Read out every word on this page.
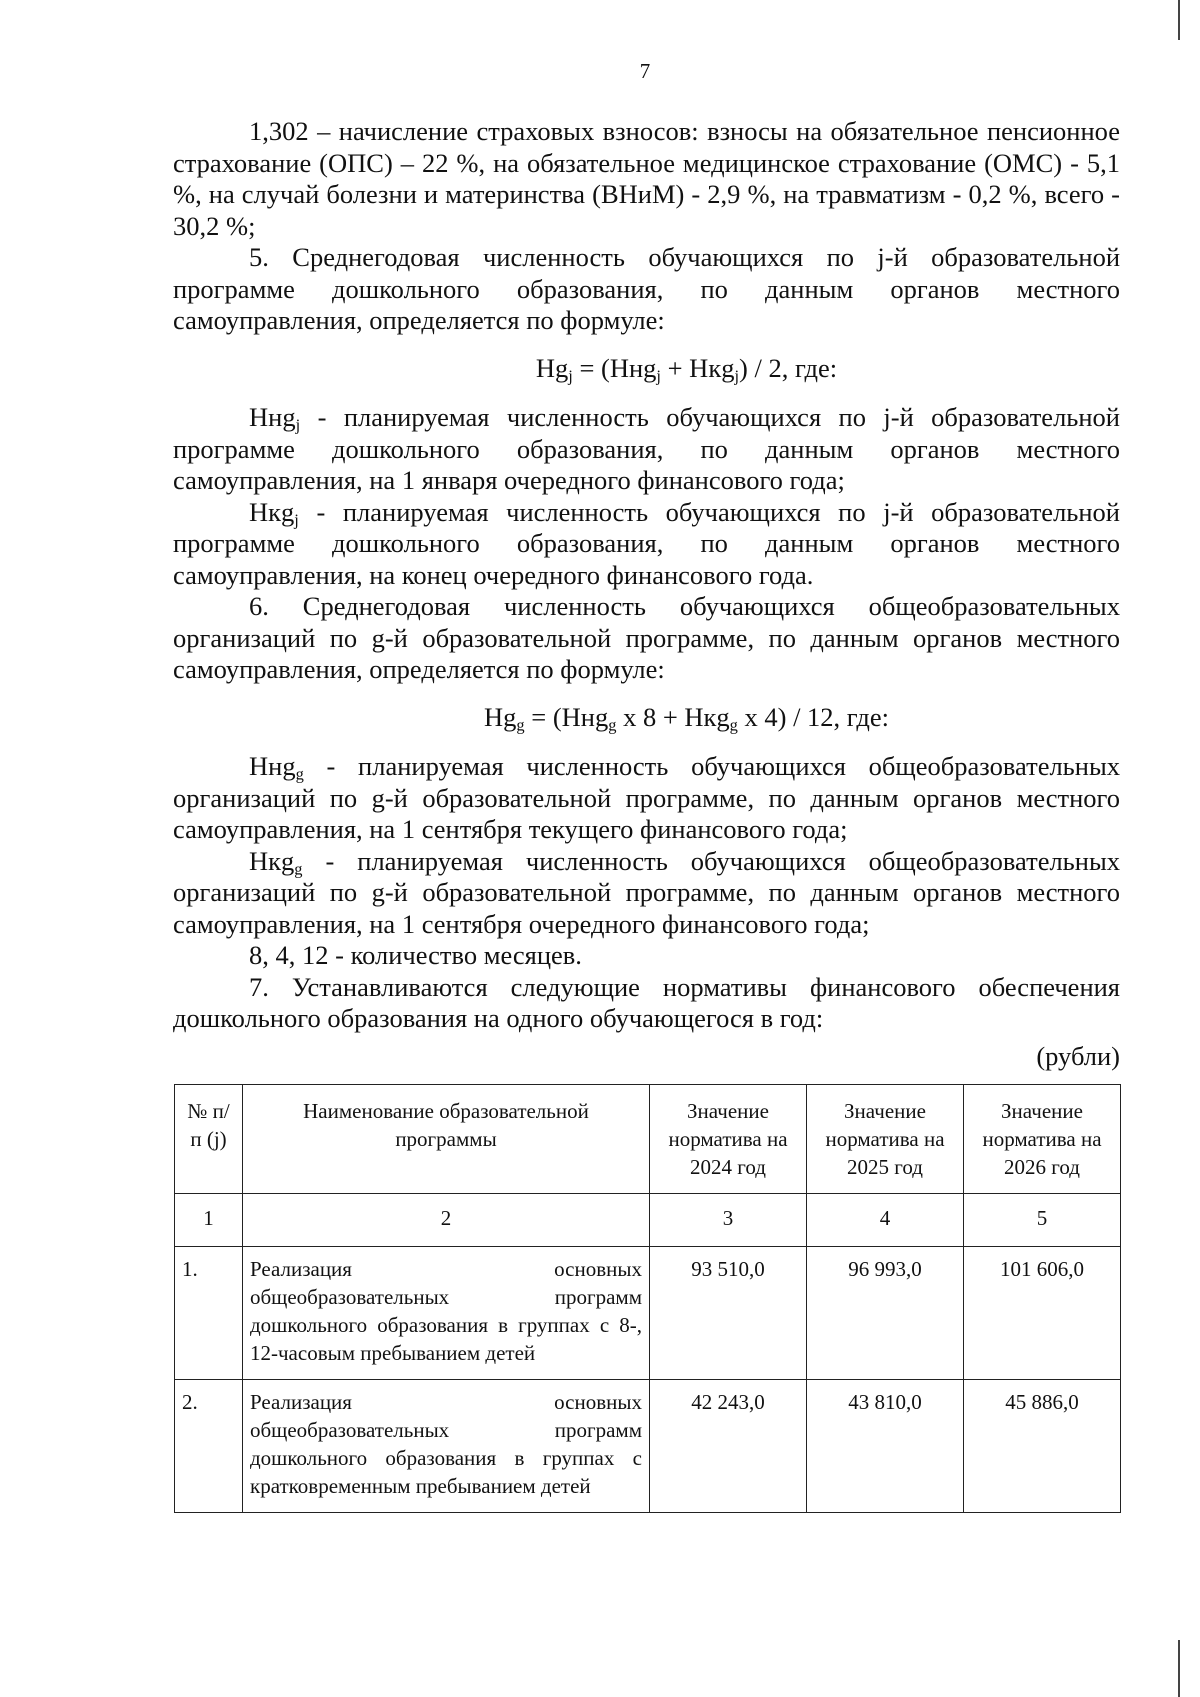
7

1,302 – начисление страховых взносов: взносы на обязательное пенсионное страхование (ОПС) – 22 %, на обязательное медицинское страхование (ОМС) - 5,1 %, на случай болезни и материнства (ВНиМ) - 2,9 %, на травматизм - 0,2 %, всего - 30,2 %;

5. Среднегодовая численность обучающихся по j-й образовательной программе дошкольного образования, по данным органов местного самоуправления, определяется по формуле:

$Hg_j = (Hнg_j + Hкg_j) / 2$, где:

Hнg$_j$ - планируемая численность обучающихся по j-й образовательной программе дошкольного образования, по данным органов местного самоуправления, на 1 января очередного финансового года;

Hкg$_j$ - планируемая численность обучающихся по j-й образовательной программе дошкольного образования, по данным органов местного самоуправления, на конец очередного финансового года.

6. Среднегодовая численность обучающихся общеобразовательных организаций по g-й образовательной программе, по данным органов местного самоуправления, определяется по формуле:

$Hg_g = (Hнg_g$ x 8 + Hкg$_g$ x 4) / 12, где:

Hнg$_g$ - планируемая численность обучающихся общеобразовательных организаций по g-й образовательной программе, по данным органов местного самоуправления, на 1 сентября текущего финансового года;

Hкg$_g$ - планируемая численность обучающихся общеобразовательных организаций по g-й образовательной программе, по данным органов местного самоуправления, на 1 сентября очередного финансового года;

8, 4, 12 - количество месяцев.

7. Устанавливаются следующие нормативы финансового обеспечения дошкольного образования на одного обучающегося в год:

(рубли)

№ п/п (j)	Наименование образовательной программы	Значение норматива на 2024 год	Значение норматива на 2025 год	Значение норматива на 2026 год
1	2	3	4	5
1.	Реализация основных общеобразовательных программ дошкольного образования в группах с 8-, 12-часовым пребыванием детей	93 510,0	96 993,0	101 606,0
2.	Реализация основных общеобразовательных программ дошкольного образования в группах с кратковременным пребыванием детей	42 243,0	43 810,0	45 886,0
